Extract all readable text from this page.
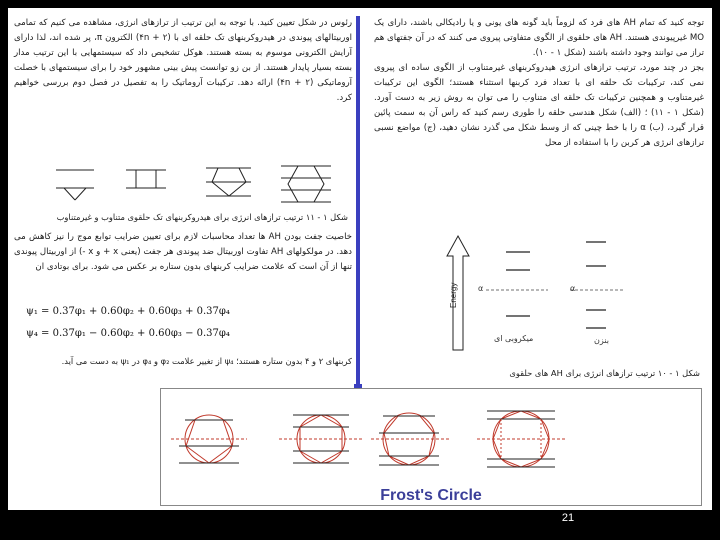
رئوس در شکل تعیین کنید. با توجه به این ترتیب از ترازهای انرژی، مشاهده می کنیم که تمامی اوربیتالهای پیوندی در هیدروکربنهای تک حلقه ای با (۴n + ۲) الکترون π، پر شده اند، لذا دارای آرایش الکترونی موسوم به بسته هستند. هوکل تشخیص داد که سیستمهایی با این ترتیب مدار بسته بسیار پایدار هستند. از بن زو توانست پیش بینی مشهور خود را برای سیستمهای با خصلت آروماتیکی (۴n + ۲) ارائه دهد. ترکیبات آروماتیک را به تفصیل در فصل دوم بررسی خواهیم کرد.

شکل ۱ - ۱۱ ترتیب ترازهای انرژی برای هیدروکربنهای تک حلقوی متناوب و غیرمتناوب

خاصیت جفت بودن AH ها تعداد محاسبات لازم برای تعیین ضرایب توابع موج را نیز کاهش می دهد. در مولکولهای AH تفاوت اوربیتال ضد پیوندی هر جفت (یعنی x + و x -) از اوربیتال پیوندی تنها از آن است که علامت ضرایب کربنهای بدون ستاره بر عکس می شود. برای بوتادی ان

ψ₁ = 0.37φ₁ + 0.60φ₂ + 0.60φ₃ + 0.37φ₄
ψ₄ = 0.37φ₁ − 0.60φ₂ + 0.60φ₃ − 0.37φ₄
کربنهای ۲ و ۴ بدون ستاره هستند؛ ψ₄ از تغییر علامت φ₂ و φ₄ در ψ₁ به دست می آید.

توجه کنید که تمام AH های فرد که لزوماً باید گونه های یونی و یا رادیکالی باشند، دارای یک MO غیرپیوندی هستند. AH های حلقوی از الگوی متفاوتی پیروی می کنند که در آن جفتهای هم تراز می توانند وجود داشته باشند (شکل ۱ - ۱۰).

بجز در چند مورد، ترتیب ترازهای انرژی هیدروکربنهای غیرمتناوب از الگوی ساده ای پیروی نمی کند، ترکیبات تک حلقه ای با تعداد فرد کربنها استثناء هستند؛ الگوی این ترکیبات غیرمتناوب و همچنین ترکیبات تک حلقه ای متناوب را می توان به روش زیر به دست آورد. (شکل ۱ - ۱۱) ؛ (الف) شکل هندسی حلقه را طوری رسم کنید که راس آن به سمت پائین قرار گیرد، (ب) α را با خط چینی که از وسط شکل می گذرد نشان دهید، (ج) مواضع نسبی ترازهای انرژی هر کربن را با استفاده از محل

Energy	α	α
میکروبی ای	بنزن
شکل ۱ - ۱۰ ترتیب ترازهای انرژی برای AH های حلقوی
Frost's Circle
21
